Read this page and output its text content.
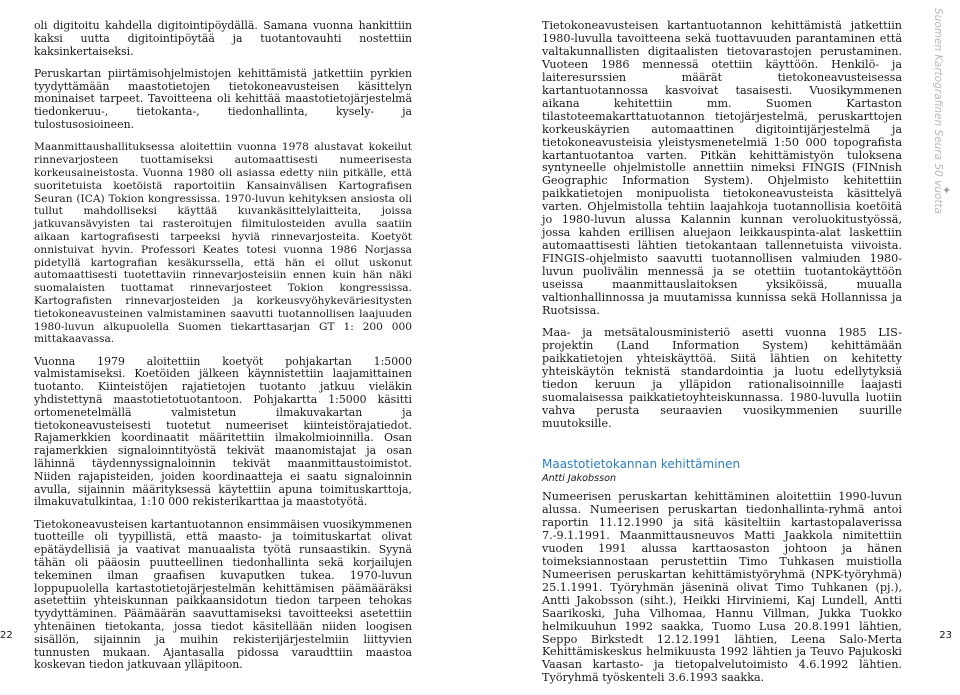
oli digitoitu kahdella digitointipöydällä. Samana vuonna hankittiin kaksi uutta digitointipöytää ja tuotantovauhti nostettiin kaksinkertaiseksi.

Peruskartan piirtämisohjelmistojen kehittämistä jatkettiin pyrkien tyydyttämään maastotietojen tietokoneavusteisen käsittelyn moninaiset tarpeet. Tavoitteena oli kehittää maastotietojärjestelmä tiedonkeruu-, tietokanta-, tiedonhallinta, kysely- ja tulostusosioineen.

Maanmittaushallituksessa aloitettiin vuonna 1978 alustavat kokeilut rinnevarjosteen tuottamiseksi automaattisesti numeerisesta korkeusaineistosta. Vuonna 1980 oli asiassa edetty niin pitkälle, että suoritetuista koetöistä raportoitiin Kansainvälisen Kartografisen Seuran (ICA) Tokion kongressissa. 1970-luvun kehityksen ansiosta oli tullut mahdolliseksi käyttää kuvankäsittelylaitteita, joissa jatkuvansävyisten tai rasteroitujen filmitulosteiden avulla saatiin aikaan kartografisesti tarpeeksi hyviä rinnevarjosteita. Koetyöt onnistuivat hyvin. Professori Keates totesi vuonna 1986 Norjassa pidetyllä kartografian kesäkurssella, että hän ei ollut uskonut automaattisesti tuotettaviin rinnevarjosteisiin ennen kuin hän näki suomalaisten tuottamat rinnevarjosteet Tokion kongressissa. Kartografisten rinnevarjosteiden ja korkeusvyöhykeväriesitysten tietokoneavusteinen valmistaminen saavutti tuotannollisen laajuuden 1980-luvun alkupuolella Suomen tiekarttasarjan GT 1: 200 000 mittakaavassa.

Vuonna 1979 aloitettiin koetyöt pohjakartan 1:5000 valmistamiseksi. Koetöiden jälkeen käynnistettiin laajamittainen tuotanto. Kiinteistöjen rajatietojen tuotanto jatkuu vieläkin yhdistettynä maastotietotuotantoon. Pohjakartta 1:5000 käsitti ortomenetelmällä valmistetun ilmakuvakartan ja tietokoneavusteisesti tuotetut numeeriset kiinteistörajatiedot. Rajamerkkien koordinaatit määritettiin ilmakolmioinnilla. Osan rajamerkkien signaloinntityöstä tekivät maanomistajat ja osan lähinnä täydennyssignaloinnin tekivät maanmittaustoimistot. Niiden rajapisteiden, joiden koordinaatteja ei saatu signaloinnin avulla, sijainnin määrityksessä käytettiin apuna toimituskarttoja, ilmakuvatulkintaa, 1:10 000 rekisterikarttaa ja maastotyötä.

Tietokoneavusteisen kartantuotannon ensimmäisen vuosikymmenen tuotteille oli tyypillistä, että maasto- ja toimituskartat olivat epätäydellisiä ja vaativat manuaalista työtä runsaastikin. Syynä tähän oli pääosin puutteellinen tiedonhallinta sekä korjailujen tekeminen ilman graafisen kuvaputken tukea. 1970-luvun loppupuolella kartastotietojärjestelmän kehittämisen päämääräksi asetettiin yhteiskunnan paikkaansidotun tiedon tarpeen tehokas tyydyttäminen. Päämäärän saavuttamiseksi tavoitteeksi asetettiin yhtenäinen tietokanta, jossa tiedot käsitellään niiden loogisen sisällön, sijainnin ja muihin rekisterijärjestelmiin liittyvien tunnusten mukaan. Ajantasalla pidossa varaudttiin maastoa koskevan tiedon jatkuvaan ylläpitoon.

22

Tietokoneavusteisen kartantuotannon kehittämistä jatkettiin 1980-luvulla tavoitteena sekä tuottavuuden parantaminen että valtakunnallisten digitaalisten tietovarastojen perustaminen. Vuoteen 1986 mennessä otettiin käyttöön. Henkilö- ja laiteresurssien määrät tietokoneavusteisessa kartantuotannossa kasvoivat tasaisesti. Vuosikymmenen aikana kehitettiin mm. Suomen Kartaston tilastoteemakarttatuotannon tietojärjestelmä, peruskarttojen korkeuskäyrien automaattinen digitointijärjestelmä ja tietokoneavusteisia yleistysmenetelmiä 1:50 000 topografista kartantuotantoa varten. Pitkän kehittämistyön tuloksena syntyneelle ohjelmistolle annettiin nimeksi FINGIS (FINnish Geographic Information System). Ohjelmisto kehitettiin paikkatietojen monipuolista tietokoneavusteista käsittelyä varten. Ohjelmistolla tehtiin laajahkoja tuotannollisia koetöitä jo 1980-luvun alussa Kalannin kunnan veroluokitustyössä, jossa kahden erillisen aluejaon leikkauspinta-alat laskettiin automaattisesti lähtien tietokantaan tallennetuista viivoista. FINGIS-ohjelmisto saavutti tuotannollisen valmiuden 1980-luvun puolivälin mennessä ja se otettiin tuotantokäyttöön useissa maanmittauslaitoksen yksiköissä, muualla valtionhallinnossa ja muutamissa kunnissa sekä Hollannissa ja Ruotsissa.

Maa- ja metsätalousministeriö asetti vuonna 1985 LIS-projektin (Land Information System) kehittämään paikkatietojen yhteiskäyttöä. Siitä lähtien on kehitetty yhteiskäytön teknistä standardointia ja luotu edellytyksiä tiedon keruun ja ylläpidon rationalisoinnille laajasti suomalaisessa paikkatietoyhteiskunnassa. 1980-luvulla luotiin vahva perusta seuraavien vuosikymmenien suurille muutoksille.

Maastotietokannan kehittäminen
Antti Jakobsson

Numeerisen peruskartan kehittäminen aloitettiin 1990-luvun alussa. Numeerisen peruskartan tiedonhallinta-ryhmä antoi raportin 11.12.1990 ja sitä käsiteltiin kartastopalaverissa 7.-9.1.1991. Maanmittausneuvos Matti Jaakkola nimitettiin vuoden 1991 alussa karttaosaston johtoon ja hänen toimeksiannostaan perustettiin Timo Tuhkasen muistiolla Numeerisen peruskartan kehittämistyöryhmä (NPK-työryhmä) 25.1.1991. Työryhmän jäseninä olivat Timo Tuhkanen (pj.), Antti Jakobsson (siht.), Heikki Hirviniemi, Kaj Lundell, Antti Saarikoski, Juha Vilhomaa, Hannu Villman, Jukka Tuokko helmikuuhun 1992 saakka, Tuomo Lusa 20.8.1991 lähtien, Seppo Birkstedt 12.12.1991 lähtien, Leena Salo-Merta Kehittämiskeskus helmikuusta 1992 lähtien ja Teuvo Pajukoski Vaasan kartasto- ja tietopalvelutoimisto 4.6.1992 lähtien. Työryhmä työskenteli 3.6.1993 saakka.

23
Suomen Kartografinen Seura 50 vuotta
✦
